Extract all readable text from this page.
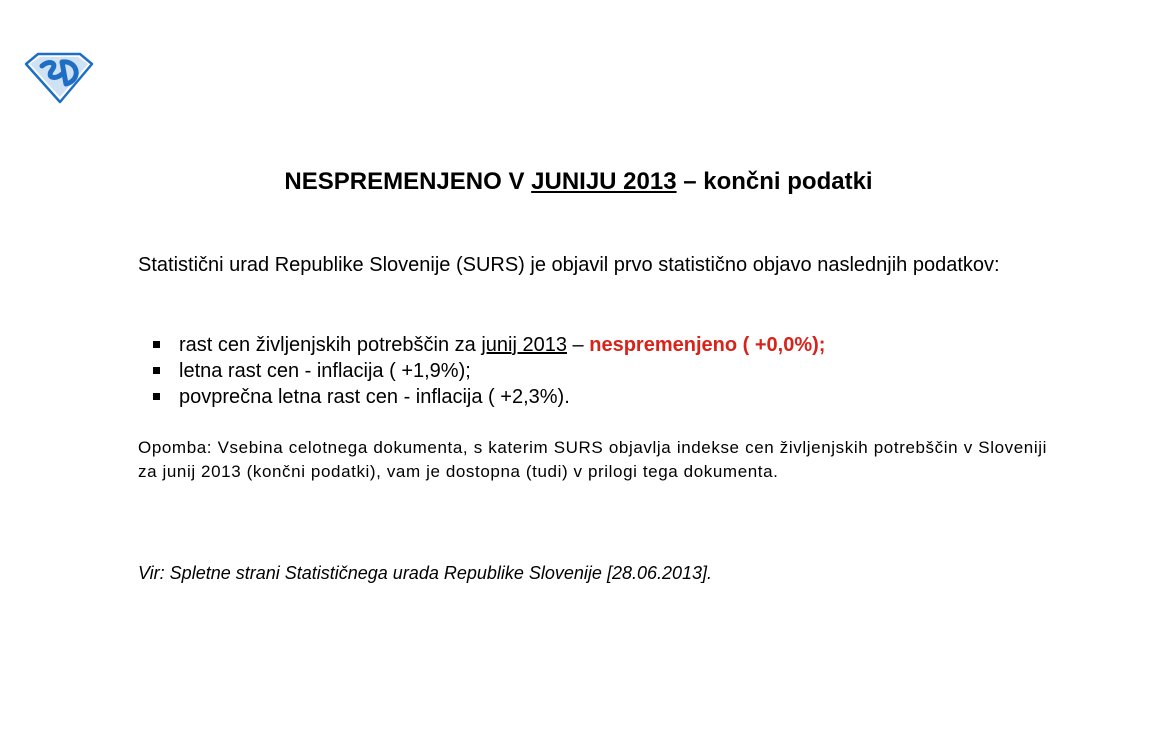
NESPREMENJENO V JUNIJU 2013 – končni podatki
Statistični urad Republike Slovenije (SURS) je objavil prvo statistično objavo naslednjih podatkov:
rast cen življenjskih potrebščin za junij 2013 – nespremenjeno ( +0,0%);
letna rast cen - inflacija ( +1,9%);
povprečna letna rast cen - inflacija ( +2,3%).
Opomba: Vsebina celotnega dokumenta, s katerim SURS objavlja indekse cen življenjskih potrebščin v Sloveniji za junij 2013 (končni podatki), vam je dostopna (tudi) v prilogi tega dokumenta.
Vir: Spletne strani Statističnega urada Republike Slovenije [28.06.2013].
